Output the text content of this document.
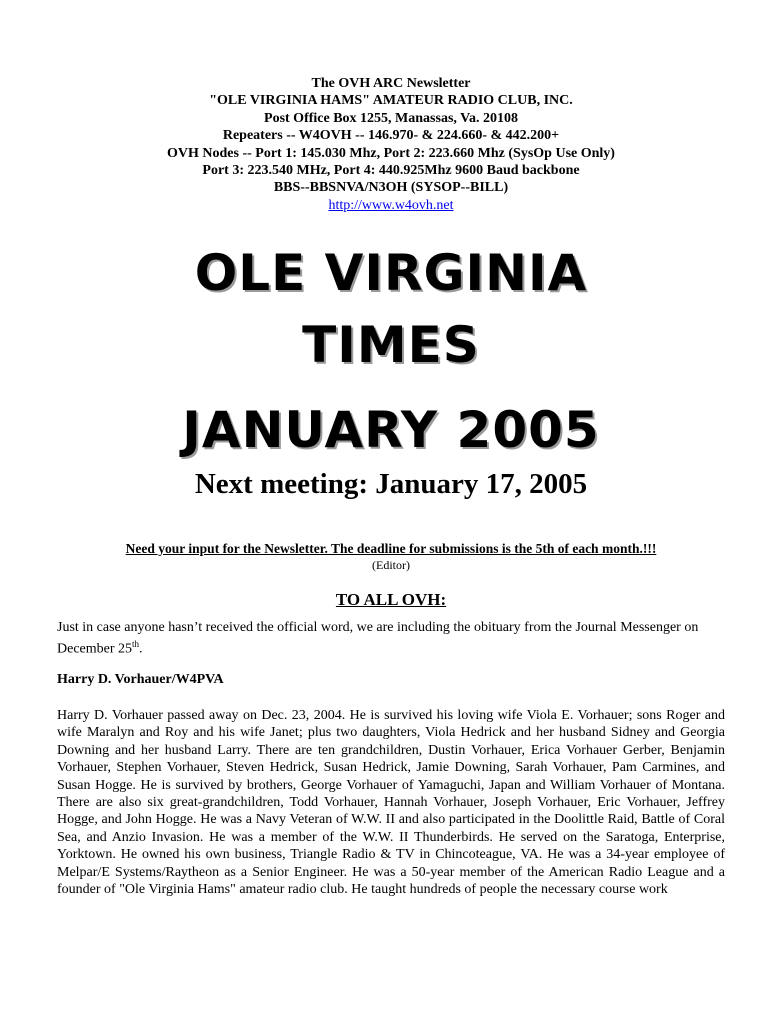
The OVH ARC Newsletter
"OLE VIRGINIA HAMS" AMATEUR RADIO CLUB, INC.
Post Office Box 1255, Manassas, Va. 20108
Repeaters -- W4OVH -- 146.970- & 224.660- & 442.200+
OVH Nodes -- Port 1: 145.030 Mhz, Port 2: 223.660 Mhz (SysOp Use Only)
Port 3: 223.540 MHz, Port 4: 440.925Mhz 9600 Baud backbone
BBS--BBSNVA/N3OH (SYSOP--BILL)
http://www.w4ovh.net
OLE VIRGINIA
TIMES
JANUARY 2005
Next meeting: January 17, 2005
Need your input for the Newsletter. The deadline for submissions is the 5th of each month.!!!
(Editor)
TO ALL OVH:
Just in case anyone hasn’t received the official word, we are including the obituary from the Journal Messenger on December 25th.
Harry D. Vorhauer/W4PVA
Harry D. Vorhauer passed away on Dec. 23, 2004. He is survived his loving wife Viola E. Vorhauer; sons Roger and wife Maralyn and Roy and his wife Janet; plus two daughters, Viola Hedrick and her husband Sidney and Georgia Downing and her husband Larry. There are ten grandchildren, Dustin Vorhauer, Erica Vorhauer Gerber, Benjamin Vorhauer, Stephen Vorhauer, Steven Hedrick, Susan Hedrick, Jamie Downing, Sarah Vorhauer, Pam Carmines, and Susan Hogge. He is survived by brothers, George Vorhauer of Yamaguchi, Japan and William Vorhauer of Montana. There are also six great-grandchildren, Todd Vorhauer, Hannah Vorhauer, Joseph Vorhauer, Eric Vorhauer, Jeffrey Hogge, and John Hogge. He was a Navy Veteran of W.W. II and also participated in the Doolittle Raid, Battle of Coral Sea, and Anzio Invasion. He was a member of the W.W. II Thunderbirds. He served on the Saratoga, Enterprise, Yorktown. He owned his own business, Triangle Radio & TV in Chincoteague, VA. He was a 34-year employee of Melpar/E Systems/Raytheon as a Senior Engineer. He was a 50-year member of the American Radio League and a founder of "Ole Virginia Hams" amateur radio club. He taught hundreds of people the necessary course work
